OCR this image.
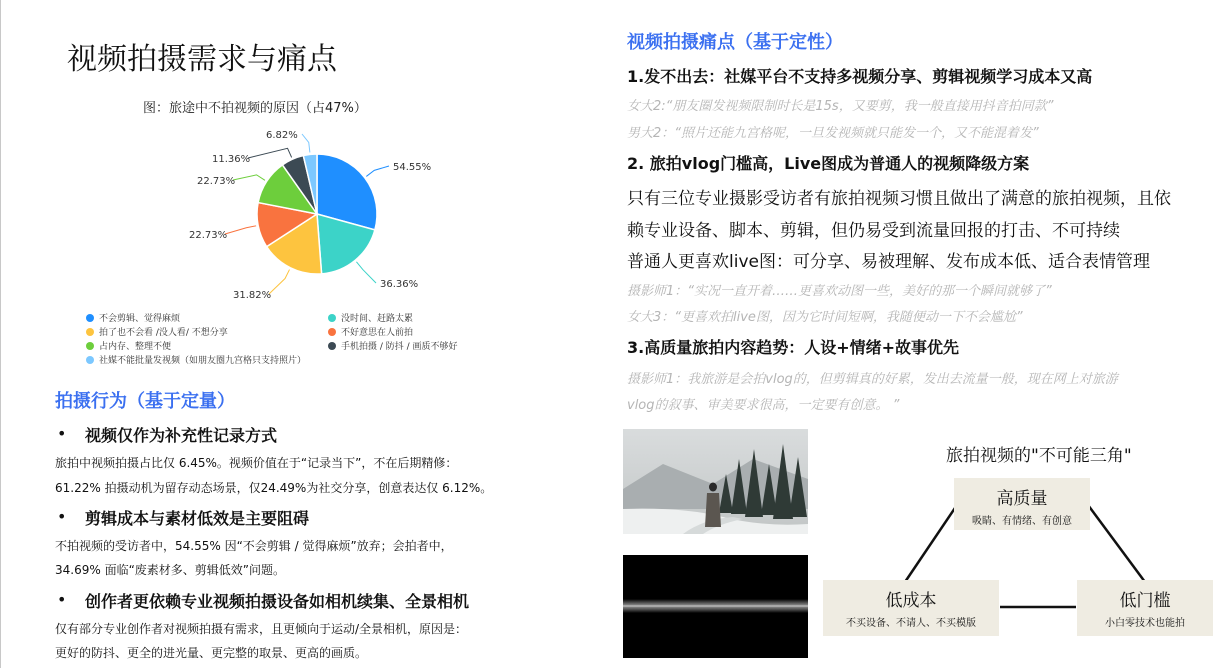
视频拍摄需求与痛点
图：旅途中不拍视频的原因（占47%）
54.55%
36.36%
31.82%
22.73%
22.73%
11.36%
6.82%
不会剪辑、觉得麻烦	没时间、赶路太累
拍了也不会看 /没人看/ 不想分享	不好意思在人前拍
占内存、整理不便	手机拍摄 / 防抖 / 画质不够好
社媒不能批量发视频（如朋友圈九宫格只支持照片）
拍摄行为（基于定量）
• 视频仅作为补充性记录方式
旅拍中视频拍摄占比仅 6.45%。视频价值在于“记录当下”，不在后期精修：
61.22% 拍摄动机为留存动态场景，仅24.49%为社交分享，创意表达仅 6.12%。
• 剪辑成本与素材低效是主要阻碍
不拍视频的受访者中，54.55% 因“不会剪辑 / 觉得麻烦”放弃；会拍者中，
34.69% 面临“废素材多、剪辑低效”问题。
• 创作者更依赖专业视频拍摄设备如相机续集、全景相机
仅有部分专业创作者对视频拍摄有需求，且更倾向于运动/全景相机，原因是：
更好的防抖、更全的进光量、更完整的取景、更高的画质。
视频拍摄痛点（基于定性）
1.发不出去：社媒平台不支持多视频分享、剪辑视频学习成本又高
女大2:“朋友圈发视频限制时长是15s，又要剪，我一般直接用抖音拍同款”
男大2：“照片还能九宫格呢，一旦发视频就只能发一个，又不能混着发”
2. 旅拍vlog门槛高，Live图成为普通人的视频降级方案
只有三位专业摄影受访者有旅拍视频习惯且做出了满意的旅拍视频，且依
赖专业设备、脚本、剪辑，但仍易受到流量回报的打击、不可持续
普通人更喜欢live图：可分享、易被理解、发布成本低、适合表情管理
摄影师1：“实况一直开着……更喜欢动图一些，美好的那一个瞬间就够了”
女大3：“更喜欢拍live图，因为它时间短啊，我随便动一下不会尴尬”
3.高质量旅拍内容趋势：人设+情绪+故事优先
摄影师1：我旅游是会拍vlog的，但剪辑真的好累，发出去流量一般，现在网上对旅游
vlog的叙事、审美要求很高，一定要有创意。 ”
旅拍视频的"不可能三角"
高质量
吸睛、有情绪、有创意
低成本
不买设备、不请人、不买模版
低门槛
小白零技术也能拍
